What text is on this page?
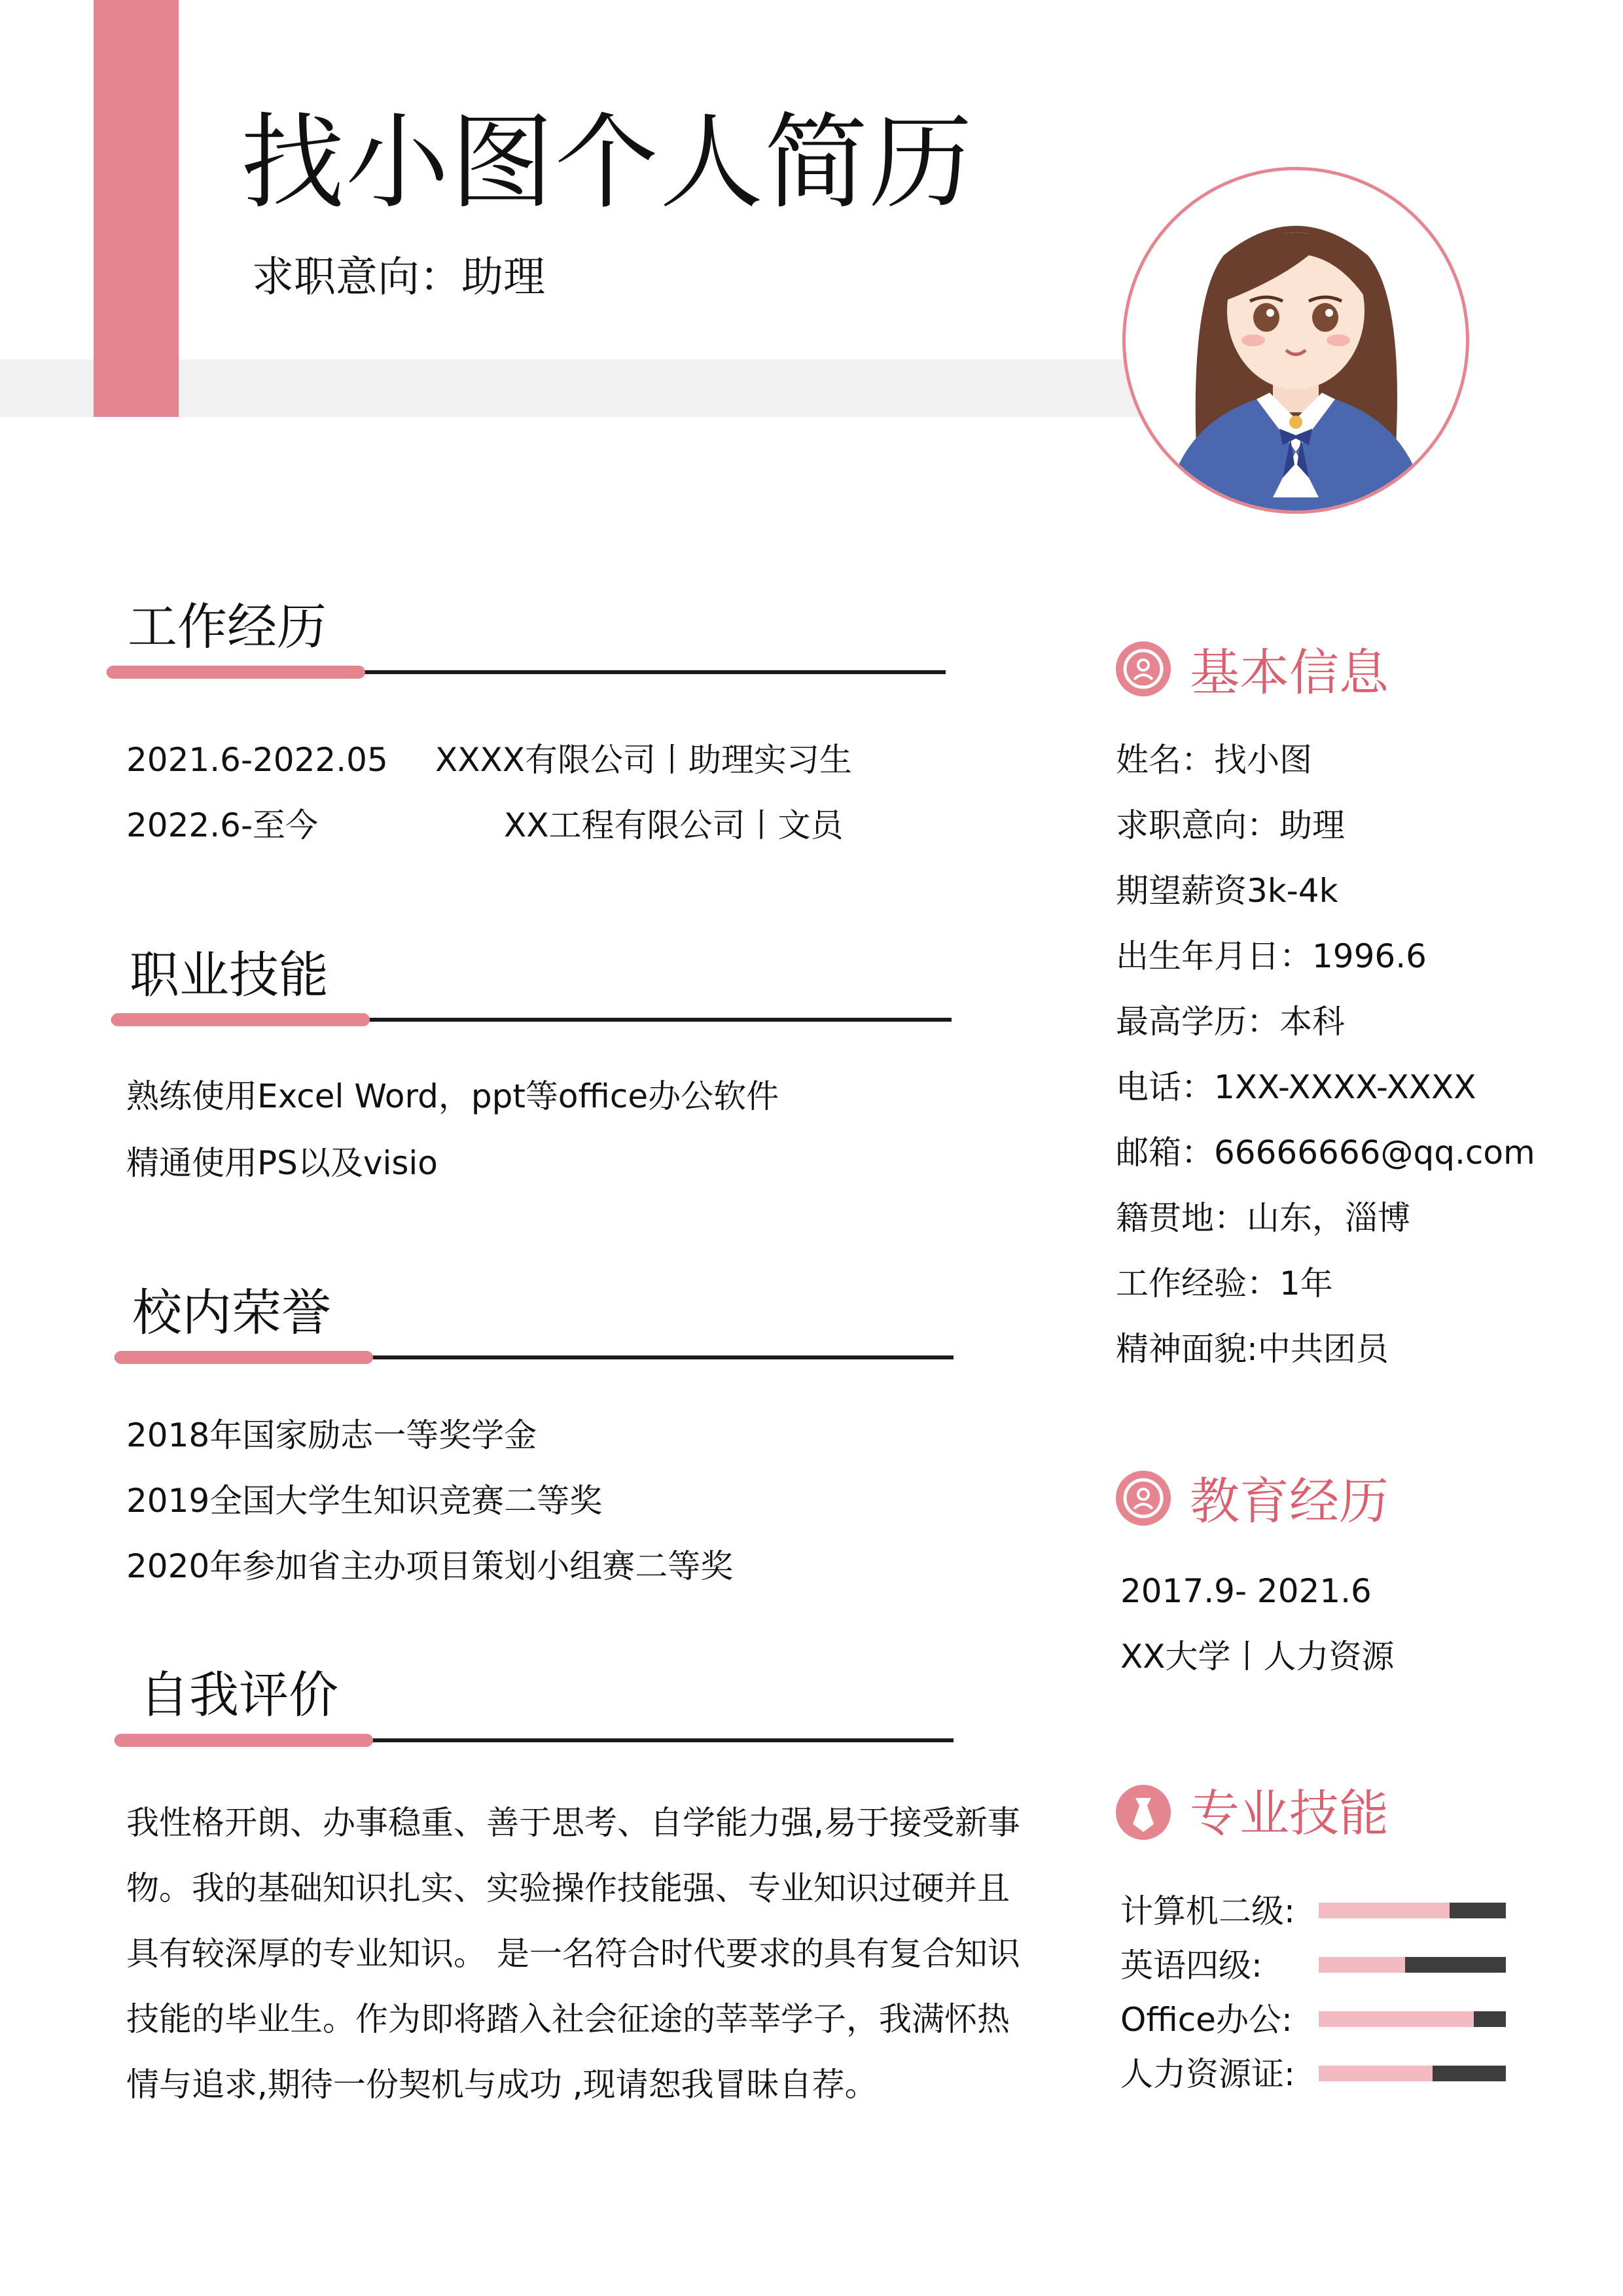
找小图个人简历
求职意向：助理
工作经历
2021.6-2022.05 XXXX有限公司丨助理实习生
2022.6-至今	XX工程有限公司丨文员
职业技能
熟练使用Excel Word，ppt等office办公软件
精通使用PS以及visio
校内荣誉
2018年国家励志一等奖学金
2019全国大学生知识竞赛二等奖
2020年参加省主办项目策划小组赛二等奖
自我评价
我性格开朗、办事稳重、善于思考、自学能力强,易于接受新事物。我的基础知识扎实、实验操作技能强、专业知识过硬并且具有较深厚的专业知识。 是一名符合时代要求的具有复合知识技能的毕业生。作为即将踏入社会征途的莘莘学子，我满怀热情与追求,期待一份契机与成功 ,现请恕我冒昧自荐。
基本信息
姓名：找小图
求职意向：助理
期望薪资3k-4k
出生年月日：1996.6
最高学历：本科
电话：1XX-XXXX-XXXX
邮箱：66666666@qq.com
籍贯地：山东，淄博
工作经验：1年
精神面貌:中共团员
教育经历
2017.9- 2021.6
XX大学丨人力资源
专业技能
计算机二级:
英语四级:
Office办公:
人力资源证:
